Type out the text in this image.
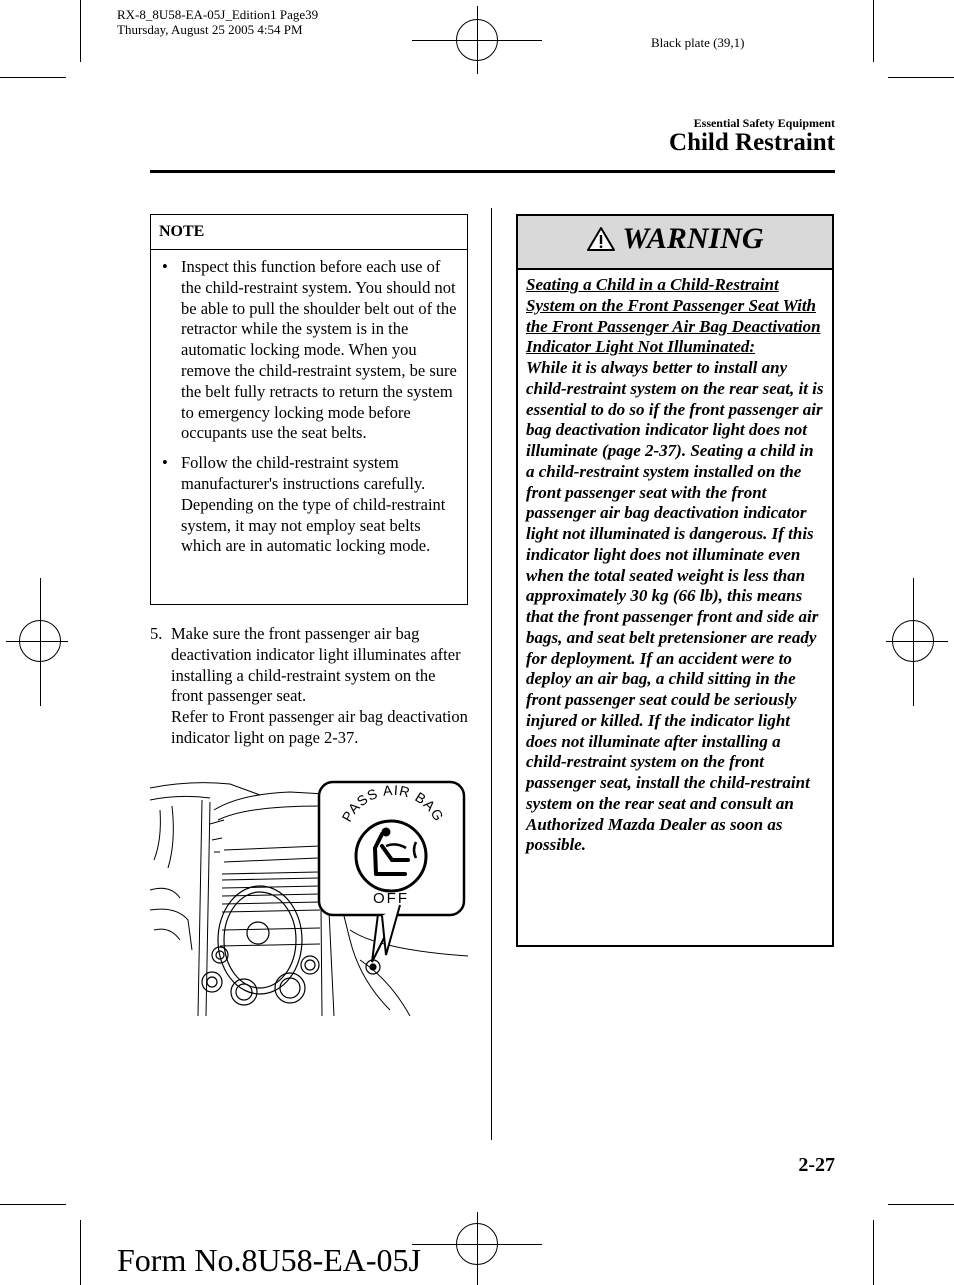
RX-8_8U58-EA-05J_Edition1 Page39
Thursday, August 25 2005 4:54 PM
Black plate (39,1)
Essential Safety Equipment
Child Restraint
NOTE
• Inspect this function before each use of the child-restraint system. You should not be able to pull the shoulder belt out of the retractor while the system is in the automatic locking mode. When you remove the child-restraint system, be sure the belt fully retracts to return the system to emergency locking mode before occupants use the seat belts.
• Follow the child-restraint system manufacturer's instructions carefully. Depending on the type of child-restraint system, it may not employ seat belts which are in automatic locking mode.
5. Make sure the front passenger air bag deactivation indicator light illuminates after installing a child-restraint system on the front passenger seat.
Refer to Front passenger air bag deactivation indicator light on page 2-37.
PASS AIR BAG
OFF
WARNING
Seating a Child in a Child-Restraint System on the Front Passenger Seat With the Front Passenger Air Bag Deactivation Indicator Light Not Illuminated:
While it is always better to install any child-restraint system on the rear seat, it is essential to do so if the front passenger air bag deactivation indicator light does not illuminate (page 2-37). Seating a child in a child-restraint system installed on the front passenger seat with the front passenger air bag deactivation indicator light not illuminated is dangerous. If this indicator light does not illuminate even when the total seated weight is less than approximately 30 kg (66 lb), this means that the front passenger front and side air bags, and seat belt pretensioner are ready for deployment. If an accident were to deploy an air bag, a child sitting in the front passenger seat could be seriously injured or killed. If the indicator light does not illuminate after installing a child-restraint system on the front passenger seat, install the child-restraint system on the rear seat and consult an Authorized Mazda Dealer as soon as possible.
2-27
Form No.8U58-EA-05J
